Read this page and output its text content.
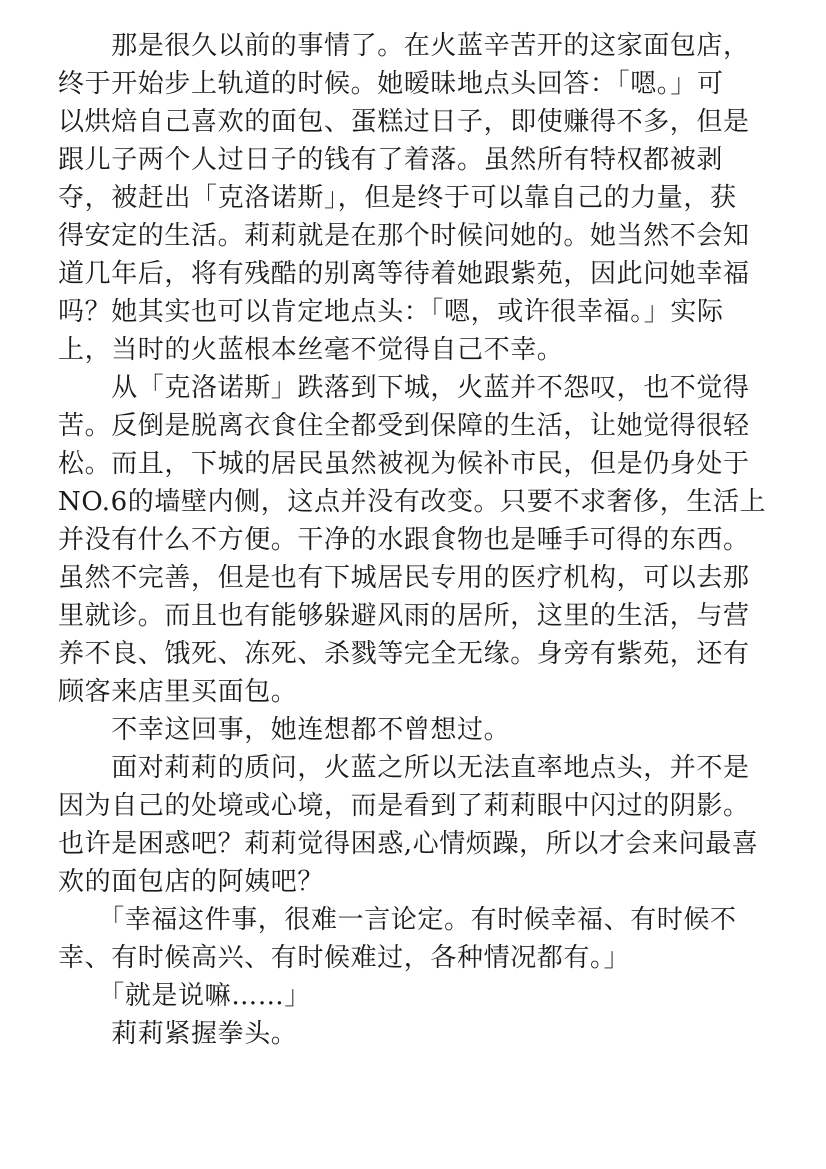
　　那是很久以前的事情了。在火蓝辛苦开的这家面包店，
终于开始步上轨道的时候。她暧昧地点头回答：「嗯。」可
以烘焙自己喜欢的面包、蛋糕过日子，即使赚得不多，但是
跟儿子两个人过日子的钱有了着落。虽然所有特权都被剥
夺，被赶出「克洛诺斯」，但是终于可以靠自己的力量，获
得安定的生活。莉莉就是在那个时候问她的。她当然不会知
道几年后，将有残酷的别离等待着她跟紫苑，因此问她幸福
吗？她其实也可以肯定地点头：「嗯，或许很幸福。」实际
上，当时的火蓝根本丝毫不觉得自己不幸。
　　从「克洛诺斯」跌落到下城，火蓝并不怨叹，也不觉得
苦。反倒是脱离衣食住全都受到保障的生活，让她觉得很轻
松。而且，下城的居民虽然被视为候补市民，但是仍身处于
NO.6的墙壁内侧，这点并没有改变。只要不求奢侈，生活上
并没有什么不方便。干净的水跟食物也是唾手可得的东西。
虽然不完善，但是也有下城居民专用的医疗机构，可以去那
里就诊。而且也有能够躲避风雨的居所，这里的生活，与营
养不良、饿死、冻死、杀戮等完全无缘。身旁有紫苑，还有
顾客来店里买面包。
　　不幸这回事，她连想都不曾想过。
　　面对莉莉的质问，火蓝之所以无法直率地点头，并不是
因为自己的处境或心境，而是看到了莉莉眼中闪过的阴影。
也许是困惑吧？莉莉觉得困惑,心情烦躁，所以才会来问最喜
欢的面包店的阿姨吧？
　　「幸福这件事，很难一言论定。有时候幸福、有时候不
幸、有时候高兴、有时候难过，各种情况都有。」
　　「就是说嘛……」
　　莉莉紧握拳头。
